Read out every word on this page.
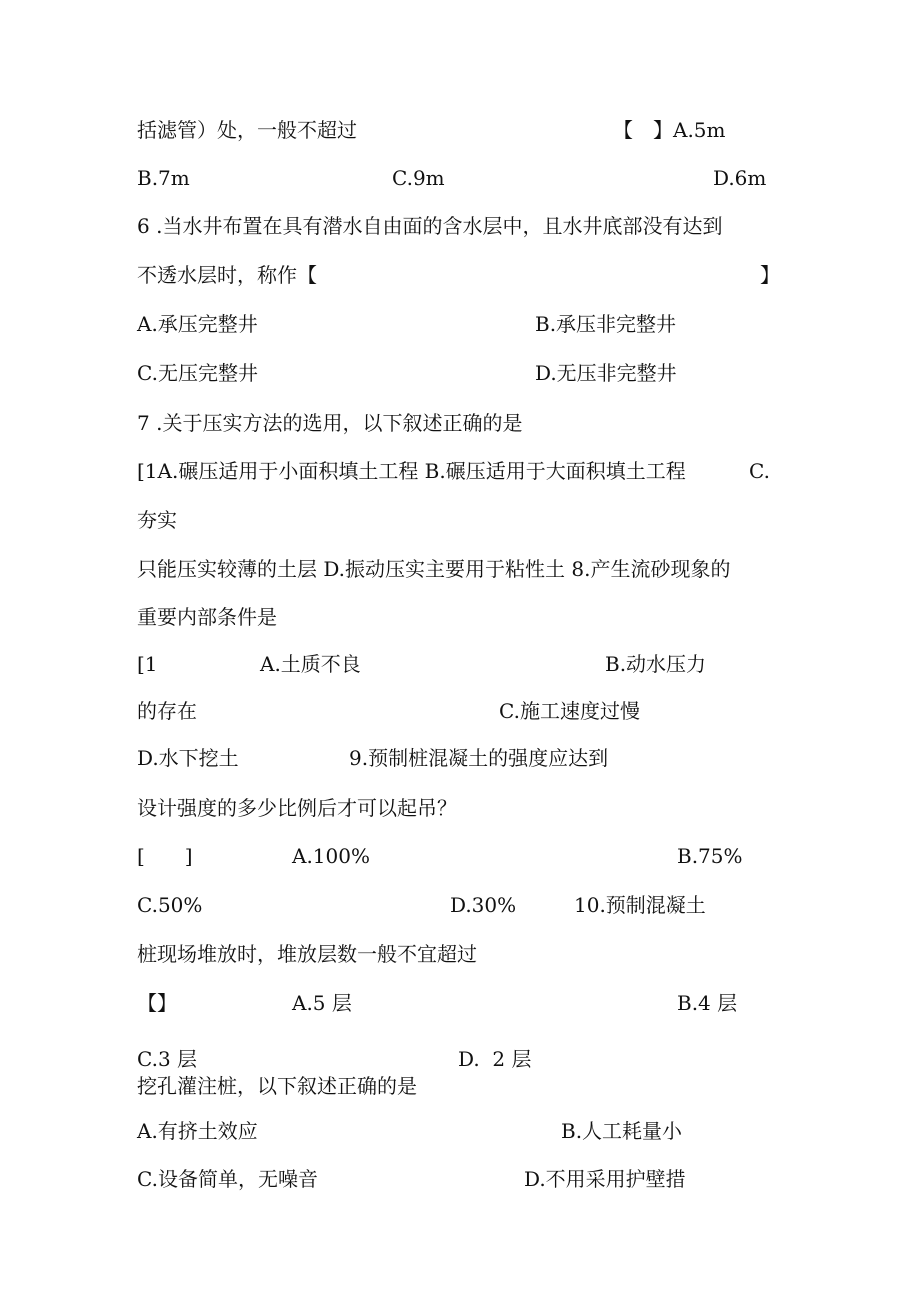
括滤管）处，一般不超过	【　】A.5m
B.7m	C.9m	D.6m
6 .当水井布置在具有潜水自由面的含水层中，且水井底部没有达到
不透水层时，称作【	】
A.承压完整井	B.承压非完整井
C.无压完整井	D.无压非完整井
7 .关于压实方法的选用，以下叙述正确的是
[1A.碾压适用于小面积填土工程 B.碾压适用于大面积填土工程	C.
夯实
只能压实较薄的土层 D.振动压实主要用于粘性土 8.产生流砂现象的
重要内部条件是
[1	A.土质不良	B.动水压力
的存在	C.施工速度过慢
D.水下挖土	9.预制桩混凝土的强度应达到
设计强度的多少比例后才可以起吊？
[　　]	A.100%	B.75%
C.50%	D.30%	10.预制混凝土
桩现场堆放时，堆放层数一般不宜超过
【】	A.5 层	B.4 层
C.3 层	D.  2 层
挖孔灌注桩，以下叙述正确的是
A.有挤土效应	B.人工耗量小
C.设备简单，无噪音	D.不用采用护壁措
